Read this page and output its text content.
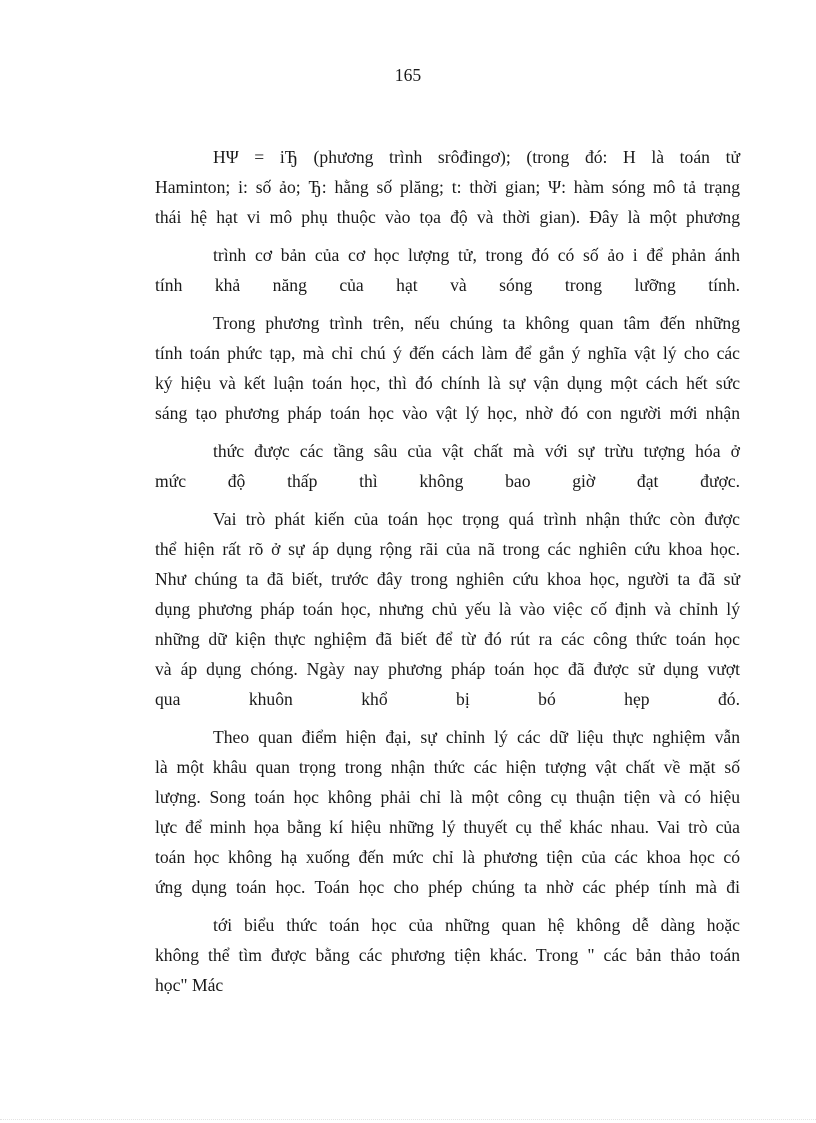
165
HΨ = iЂ (phương trình srôđingơ); (trong đó: H là toán tử
Haminton; i: số ảo; Ђ: hằng số plăng; t: thời gian; Ψ: hàm sóng mô tả trạng
thái hệ hạt vi mô phụ thuộc vào tọa độ và thời gian). Đây là một phương
trình cơ bản của cơ học lượng tử, trong đó có số ảo i để phản ánh
tính khả năng của hạt và sóng trong lưỡng tính.
Trong phương trình trên, nếu chúng ta không quan tâm đến những
tính toán phức tạp, mà chỉ chú ý đến cách làm để gắn ý nghĩa vật lý cho các
ký hiệu và kết luận toán học, thì đó chính là sự vận dụng một cách hết sức
sáng tạo phương pháp toán học vào vật lý học, nhờ đó con người mới nhận
thức được các tầng sâu của vật chất mà với sự trừu tượng hóa ở
mức độ thấp thì không bao giờ đạt được.
Vai trò phát kiến của toán học trọng quá trình nhận thức còn được
thể hiện rất rõ ở sự áp dụng rộng rãi của nã trong các nghiên cứu khoa học.
Như chúng ta đã biết, trước đây trong nghiên cứu khoa học, người ta đã sử
dụng phương pháp toán học, nhưng chủ yếu là vào việc cố định và chỉnh lý
những dữ kiện thực nghiệm đã biết để từ đó rút ra các công thức toán học
và áp dụng chóng. Ngày nay phương pháp toán học đã được sử dụng vượt
qua khuôn khổ bị bó hẹp đó.
Theo quan điểm hiện đại, sự chỉnh lý các dữ liệu thực nghiệm vẫn
là một khâu quan trọng trong nhận thức các hiện tượng vật chất về mặt số
lượng. Song toán học không phải chỉ là một công cụ thuận tiện và có hiệu
lực để minh họa bằng kí hiệu những lý thuyết cụ thể khác nhau. Vai trò của
toán học không hạ xuống đến mức chỉ là phương tiện của các khoa học có
ứng dụng toán học. Toán học cho phép chúng ta nhờ các phép tính mà đi
tới biểu thức toán học của những quan hệ không dễ dàng hoặc
không thể tìm được bằng các phương tiện khác. Trong " các bản thảo toán
học" Mác
